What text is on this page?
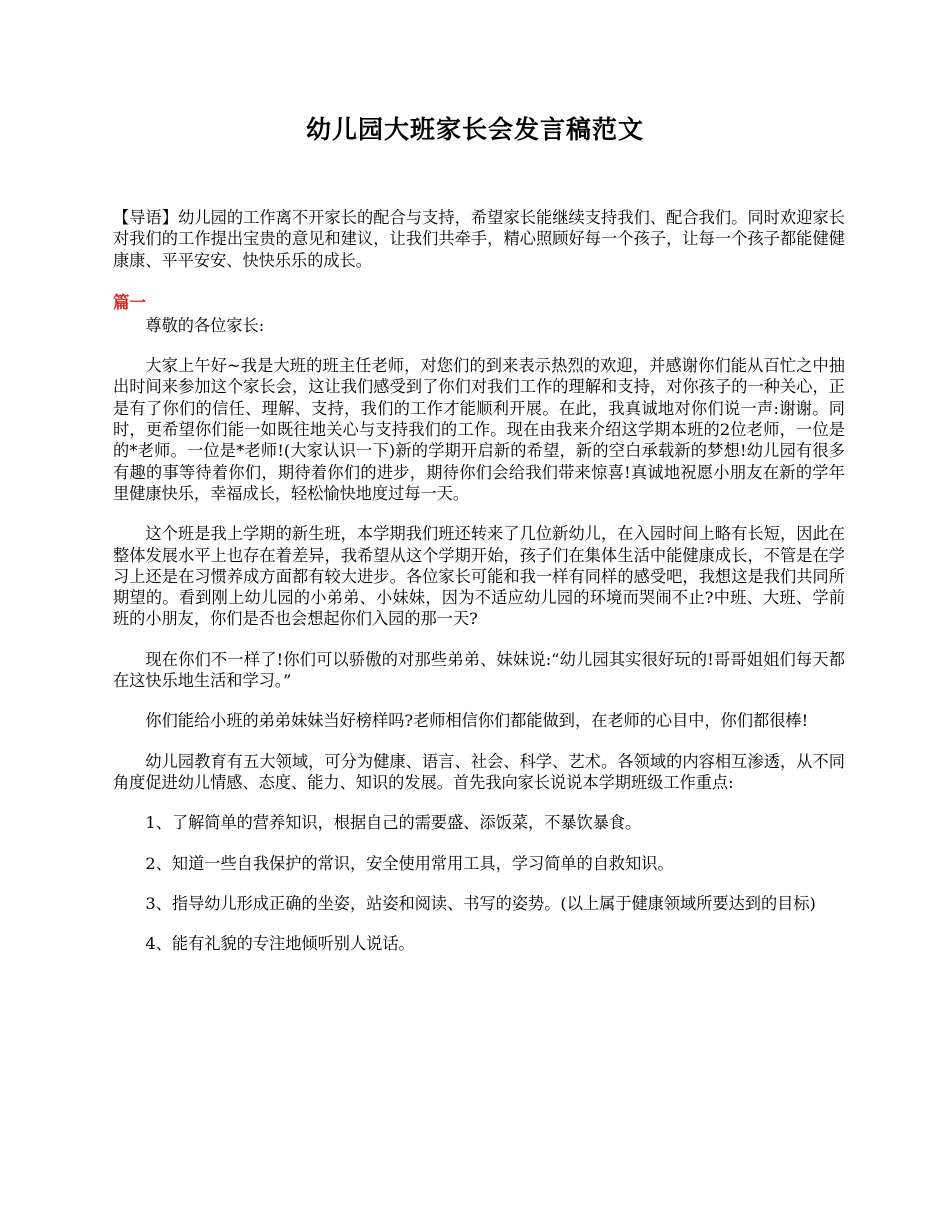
幼儿园大班家长会发言稿范文

【导语】幼儿园的工作离不开家长的配合与支持，希望家长能继续支持我们、配合我们。同时欢迎家长对我们的工作提出宝贵的意见和建议，让我们共牵手，精心照顾好每一个孩子，让每一个孩子都能健健康康、平平安安、快快乐乐的成长。

篇一

尊敬的各位家长:

大家上午好~我是大班的班主任老师，对您们的到来表示热烈的欢迎，并感谢你们能从百忙之中抽出时间来参加这个家长会，这让我们感受到了你们对我们工作的理解和支持，对你孩子的一种关心，正是有了你们的信任、理解、支持，我们的工作才能顺利开展。在此，我真诚地对你们说一声:谢谢。同时，更希望你们能一如既往地关心与支持我们的工作。现在由我来介绍这学期本班的2位老师，一位是的*老师。一位是*老师!(大家认识一下)新的学期开启新的希望，新的空白承载新的梦想!幼儿园有很多有趣的事等待着你们，期待着你们的进步，期待你们会给我们带来惊喜!真诚地祝愿小朋友在新的学年里健康快乐，幸福成长，轻松愉快地度过每一天。

这个班是我上学期的新生班，本学期我们班还转来了几位新幼儿，在入园时间上略有长短，因此在整体发展水平上也存在着差异，我希望从这个学期开始，孩子们在集体生活中能健康成长，不管是在学习上还是在习惯养成方面都有较大进步。各位家长可能和我一样有同样的感受吧，我想这是我们共同所期望的。看到刚上幼儿园的小弟弟、小妹妹，因为不适应幼儿园的环境而哭闹不止?中班、大班、学前班的小朋友，你们是否也会想起你们入园的那一天?

现在你们不一样了!你们可以骄傲的对那些弟弟、妹妹说:“幼儿园其实很好玩的!哥哥姐姐们每天都在这快乐地生活和学习。”

你们能给小班的弟弟妹妹当好榜样吗?老师相信你们都能做到，在老师的心目中，你们都很棒!

幼儿园教育有五大领域，可分为健康、语言、社会、科学、艺术。各领域的内容相互渗透，从不同角度促进幼儿情感、态度、能力、知识的发展。首先我向家长说说本学期班级工作重点:

1、了解简单的营养知识，根据自己的需要盛、添饭菜，不暴饮暴食。

2、知道一些自我保护的常识，安全使用常用工具，学习简单的自救知识。

3、指导幼儿形成正确的坐姿，站姿和阅读、书写的姿势。(以上属于健康领域所要达到的目标)

4、能有礼貌的专注地倾听别人说话。
